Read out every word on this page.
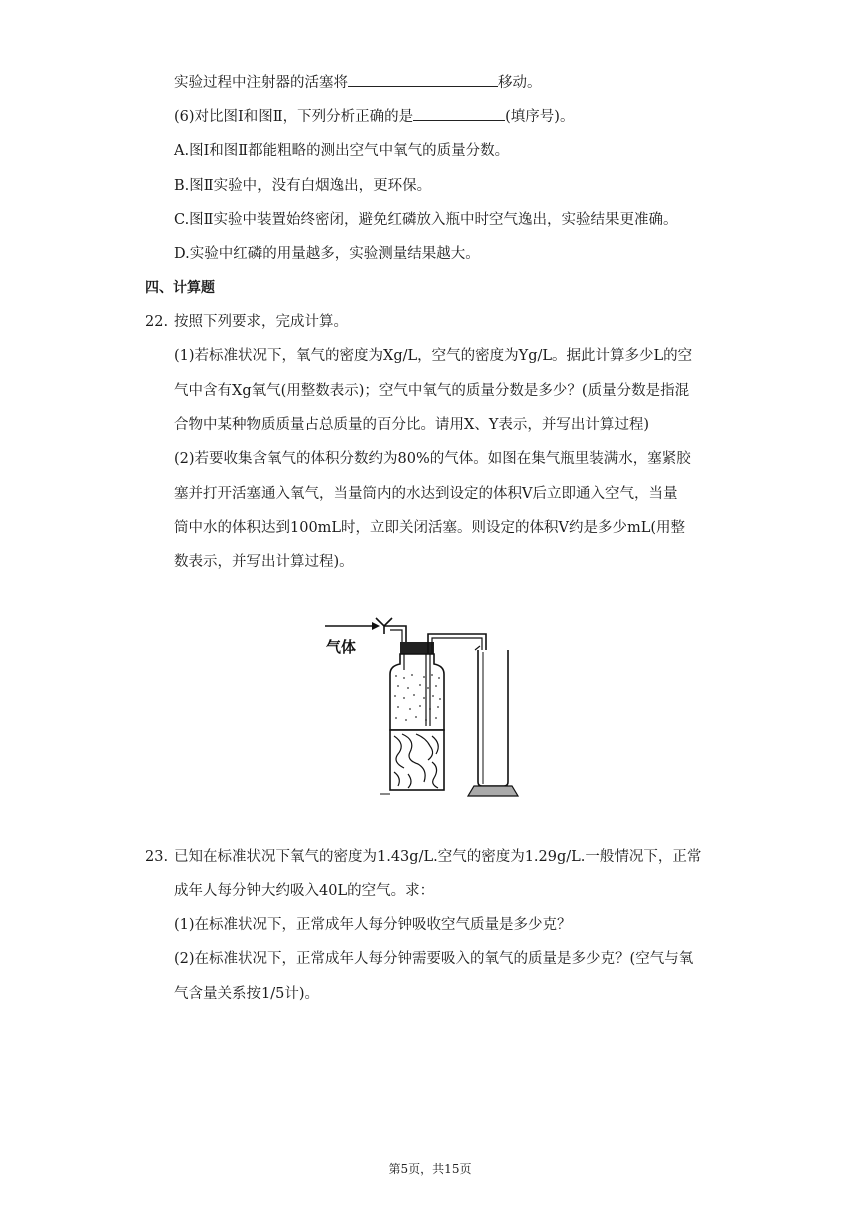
实验过程中注射器的活塞将	移动。
(6)对比图Ⅰ和图Ⅱ，下列分析正确的是	(填序号)。
A.图Ⅰ和图Ⅱ都能粗略的测出空气中氧气的质量分数。
B.图Ⅱ实验中，没有白烟逸出，更环保。
C.图Ⅱ实验中装置始终密闭，避免红磷放入瓶中时空气逸出，实验结果更准确。
D.实验中红磷的用量越多，实验测量结果越大。
四、计算题
22. 按照下列要求，完成计算。
(1)若标准状况下，氧气的密度为Xg/L，空气的密度为Yg/L。据此计算多少L的空
气中含有Xg氧气(用整数表示)；空气中氧气的质量分数是多少？(质量分数是指混
合物中某种物质质量占总质量的百分比。请用X、Y表示，并写出计算过程)
(2)若要收集含氧气的体积分数约为80%的气体。如图在集气瓶里装满水，塞紧胶
塞并打开活塞通入氧气，当量筒内的水达到设定的体积V后立即通入空气，当量
筒中水的体积达到100mL时，立即关闭活塞。则设定的体积V约是多少mL(用整
数表示，并写出计算过程)。
气体
23. 已知在标准状况下氧气的密度为1.43g/L.空气的密度为1.29g/L.一般情况下，正常
成年人每分钟大约吸入40L的空气。求：
(1)在标准状况下，正常成年人每分钟吸收空气质量是多少克？
(2)在标准状况下，正常成年人每分钟需要吸入的氧气的质量是多少克？(空气与氧
气含量关系按1/5计)。
第5页，共15页
